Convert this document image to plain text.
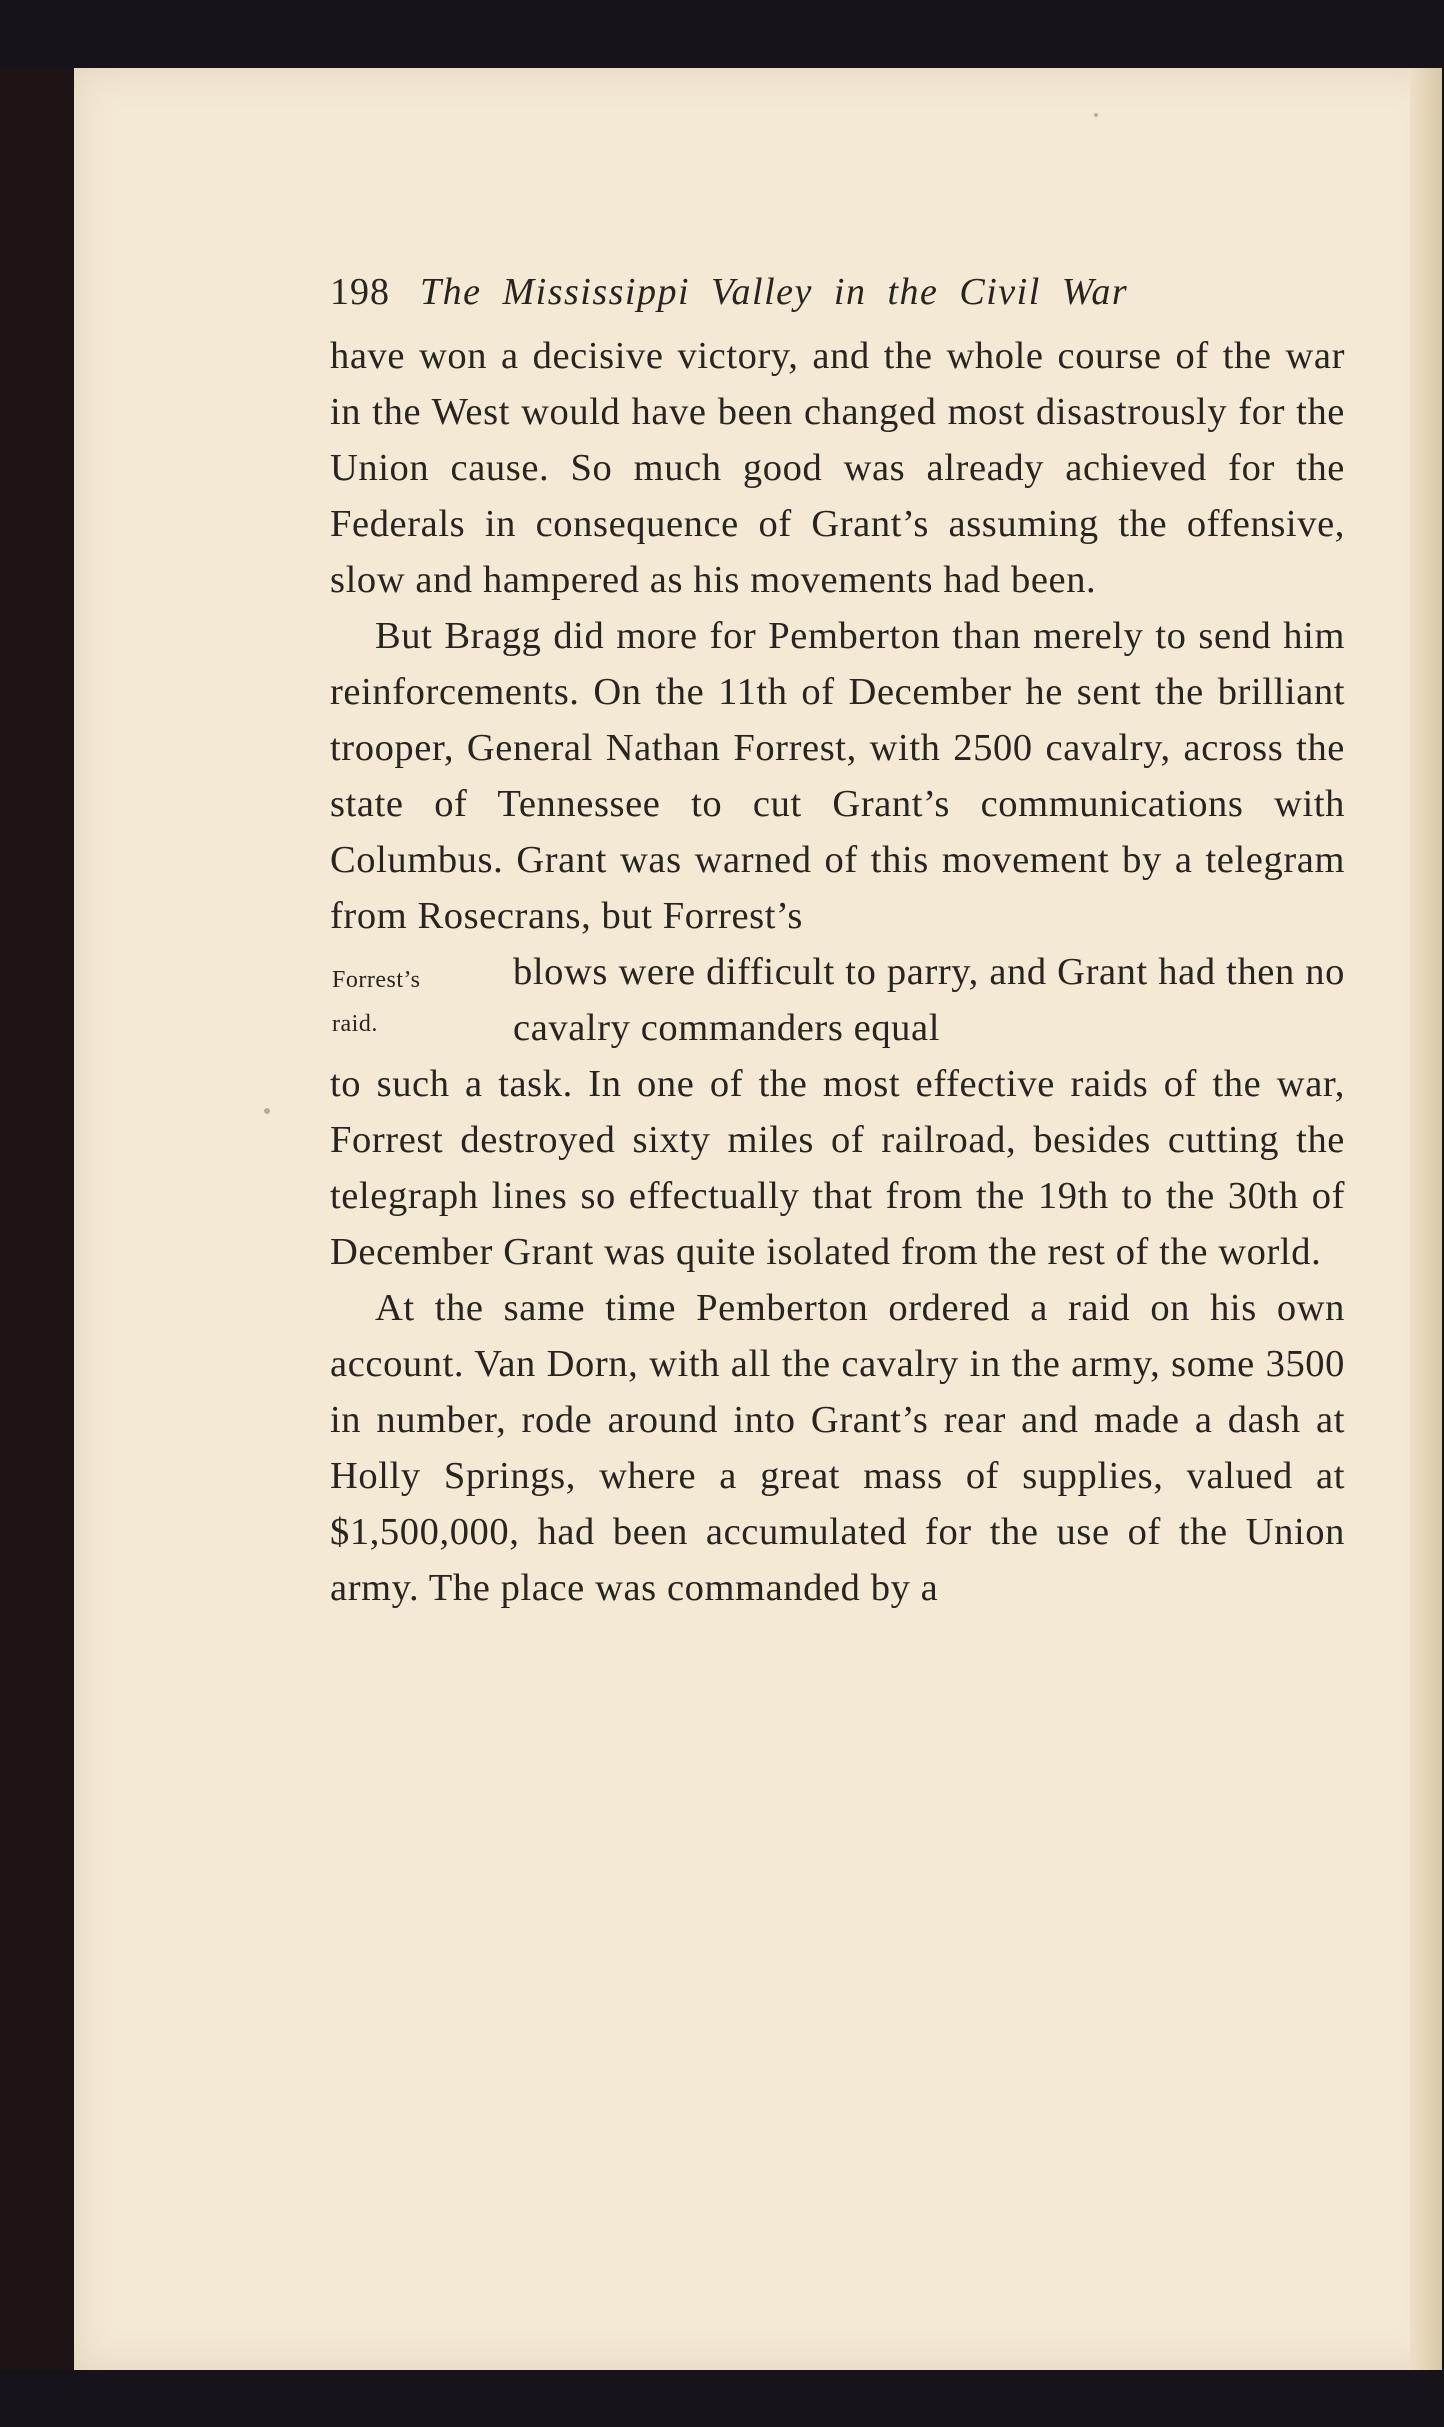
198 The Mississippi Valley in the Civil War

have won a decisive victory, and the whole course of the war in the West would have been changed most disastrously for the Union cause. So much good was already achieved for the Federals in consequence of Grant’s assuming the offensive, slow and hampered as his movements had been.

But Bragg did more for Pemberton than merely to send him reinforcements. On the 11th of December he sent the brilliant trooper, General Nathan Forrest, with 2500 cavalry, across the state of Tennessee to cut Grant’s communications with Columbus. Grant was warned of this movement by a telegram from Rosecrans, but Forrest’s

Forrest’s
raid.

blows were difficult to parry, and Grant had then no cavalry commanders equal

to such a task. In one of the most effective raids of the war, Forrest destroyed sixty miles of railroad, besides cutting the telegraph lines so effectually that from the 19th to the 30th of December Grant was quite isolated from the rest of the world.

At the same time Pemberton ordered a raid on his own account. Van Dorn, with all the cavalry in the army, some 3500 in number, rode around into Grant’s rear and made a dash at Holly Springs, where a great mass of supplies, valued at $1,500,000, had been accumulated for the use of the Union army. The place was commanded by a
